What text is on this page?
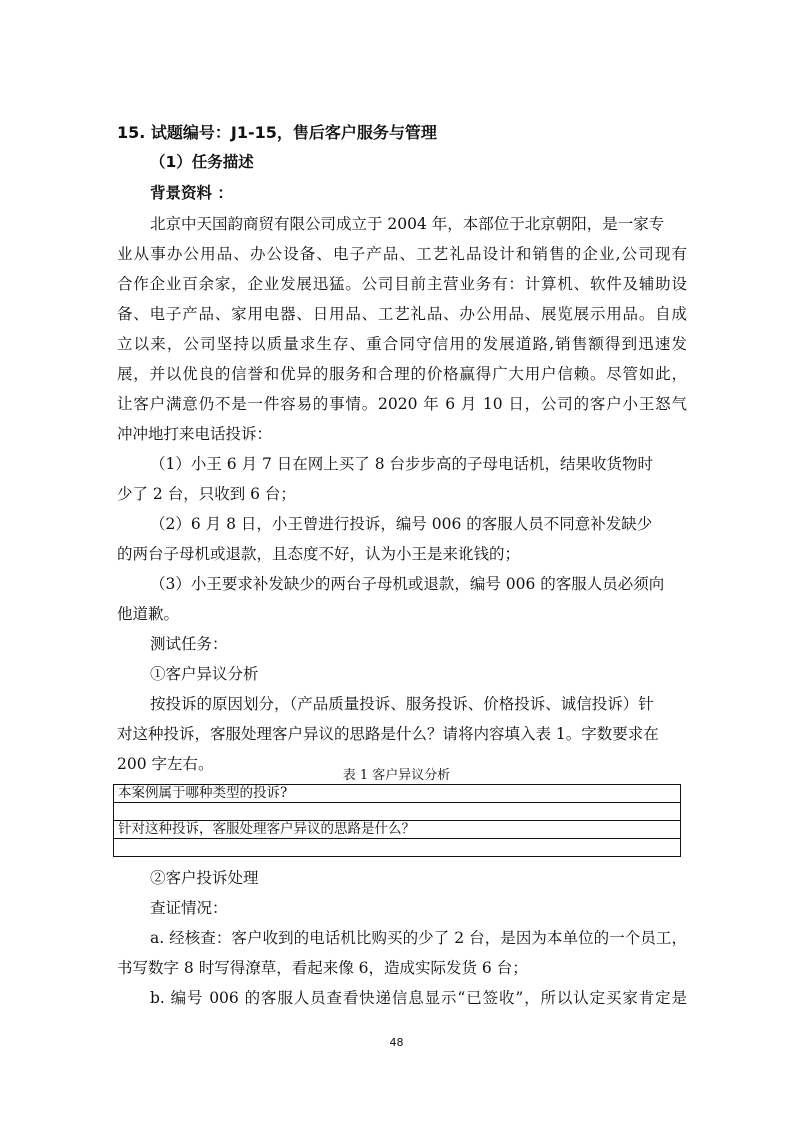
15. 试题编号：J1-15，售后客户服务与管理
（1）任务描述
背景资料 ：
北京中天国韵商贸有限公司成立于 2004 年，本部位于北京朝阳，是一家专
业从事办公用品、办公设备、电子产品、工艺礼品设计和销售的企业,公司现有
合作企业百余家，企业发展迅猛。公司目前主营业务有：计算机、软件及辅助设
备、电子产品、家用电器、日用品、工艺礼品、办公用品、展览展示用品。自成
立以来，公司坚持以质量求生存、重合同守信用的发展道路,销售额得到迅速发
展，并以优良的信誉和优异的服务和合理的价格赢得广大用户信赖。尽管如此，
让客户满意仍不是一件容易的事情。2020 年 6 月 10 日，公司的客户小王怒气
冲冲地打来电话投诉：
（1）小王 6 月 7 日在网上买了 8 台步步高的子母电话机，结果收货物时
少了 2 台，只收到 6 台；
（2）6 月 8 日，小王曾进行投诉，编号 006 的客服人员不同意补发缺少
的两台子母机或退款，且态度不好，认为小王是来讹钱的；
（3）小王要求补发缺少的两台子母机或退款，编号 006 的客服人员必须向
他道歉。
测试任务：
①客户异议分析
按投诉的原因划分，（产品质量投诉、服务投诉、价格投诉、诚信投诉）针
对这种投诉，客服处理客户异议的思路是什么？请将内容填入表 1。字数要求在
200 字左右。
表 1 客户异议分析
本案例属于哪种类型的投诉?

针对这种投诉，客服处理客户异议的思路是什么？

②客户投诉处理
查证情况：
a. 经核查：客户收到的电话机比购买的少了 2 台，是因为本单位的一个员工，
书写数字 8 时写得潦草，看起来像 6，造成实际发货 6 台；
b. 编号 006 的客服人员查看快递信息显示“已签收”，所以认定买家肯定是
48
